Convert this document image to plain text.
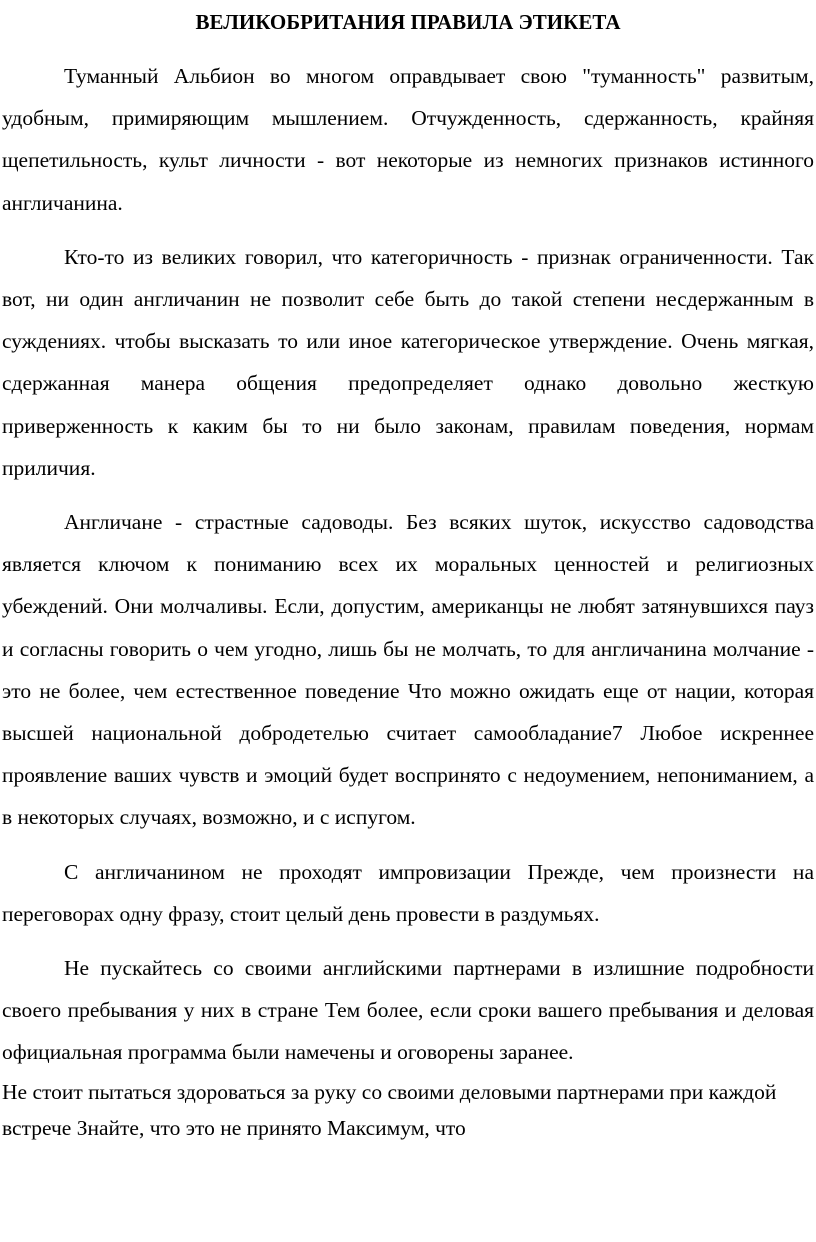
ВЕЛИКОБРИТАНИЯ ПРАВИЛА ЭТИКЕТА

Туманный Альбион во многом оправдывает свою "туманность" развитым, удобным, примиряющим мышлением. Отчужденность, сдержанность, крайняя щепетильность, культ личности - вот некоторые из немногих признаков истинного англичанина.

Кто-то из великих говорил, что категоричность - признак ограниченности. Так вот, ни один англичанин не позволит себе быть до такой степени несдержанным в суждениях. чтобы высказать то или иное категорическое утверждение. Очень мягкая, сдержанная манера общения предопределяет однако довольно жесткую приверженность к каким бы то ни было законам, правилам поведения, нормам приличия.

Англичане - страстные садоводы. Без всяких шуток, искусство садоводства является ключом к пониманию всех их моральных ценностей и религиозных убеждений. Они молчаливы. Если, допустим, американцы не любят затянувшихся пауз и согласны говорить о чем угодно, лишь бы не молчать, то для англичанина молчание - это не более, чем естественное поведение Что можно ожидать еще от нации, которая высшей национальной добродетелью считает самообладание7 Любое искреннее проявление ваших чувств и эмоций будет воспринято с недоумением, непониманием, а в некоторых случаях, возможно, и с испугом.

С англичанином не проходят импровизации Прежде, чем произнести на переговорах одну фразу, стоит целый день провести в раздумьях.

Не пускайтесь со своими английскими партнерами в излишние подробности своего пребывания у них в стране Тем более, если сроки вашего пребывания и деловая официальная программа были намечены и оговорены заранее.

Не стоит пытаться здороваться за руку со своими деловыми партнерами при каждой встрече Знайте, что это не принято Максимум, что
